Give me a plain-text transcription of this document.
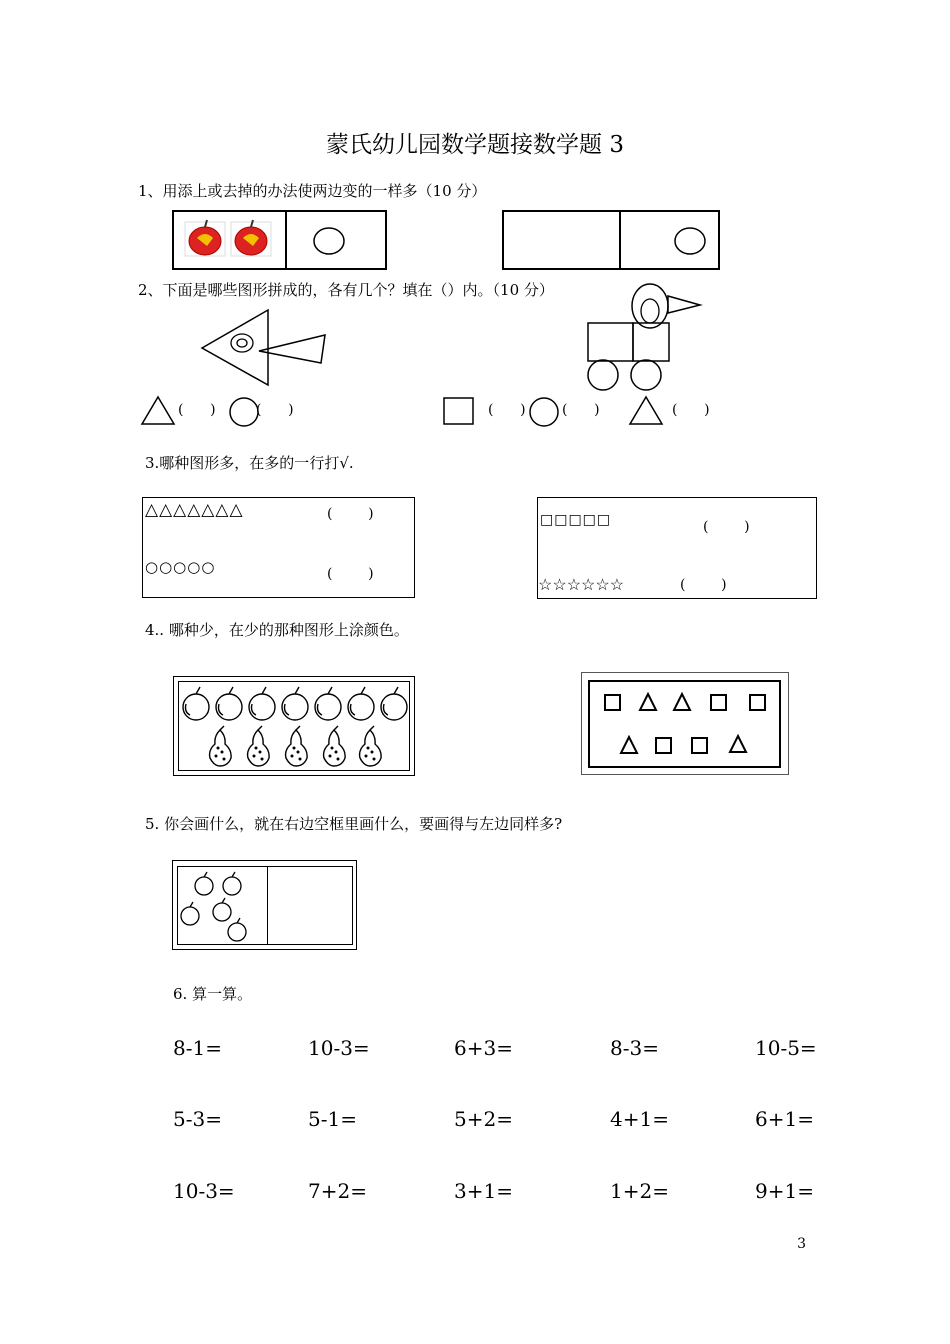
蒙氏幼儿园数学题接数学题 3
1、用添上或去掉的办法使两边变的一样多（10 分）
2、下面是哪些图形拼成的，各有几个？填在（）内。（10 分）
(      )	(      )	(      )	(      )	(      )
3.哪种图形多，在多的一行打√.
△△△△△△△	(        )
○○○○○	(        )
□□□□□	(        )
☆☆☆☆☆☆	(        )
4.. 哪种少，在少的那种图形上涂颜色。
5. 你会画什么，就在右边空框里画什么，要画得与左边同样多?
6. 算一算。
8-1=	10-3=	6+3=	8-3=	10-5=
5-3=	5-1=	5+2=	4+1=	6+1=
10-3=	7+2=	3+1=	1+2=	9+1=
3
